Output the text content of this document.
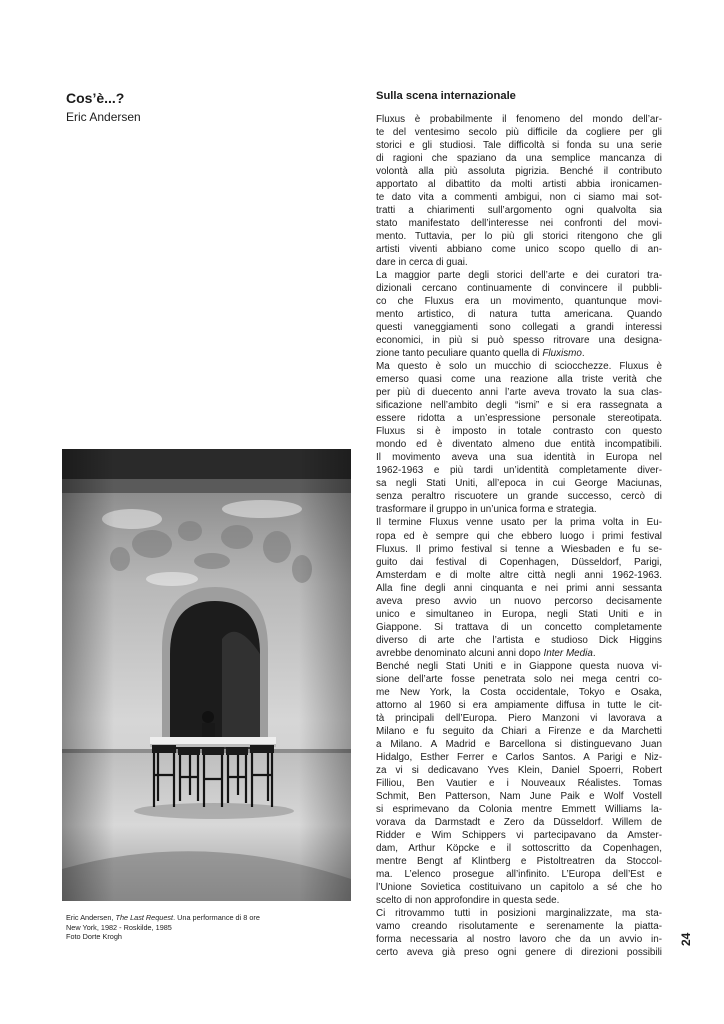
Cos’è...?

Eric Andersen

Eric Andersen, The Last Request. Una performance di 8 ore
New York, 1982 - Roskilde, 1985
Foto Dorte Krogh

Sulla scena internazionale
Fluxus è probabilmente il fenomeno del mondo dell’ar-
te del ventesimo secolo più difficile da cogliere per gli
storici e gli studiosi. Tale difficoltà si fonda su una serie
di ragioni che spaziano da una semplice mancanza di
volontà alla più assoluta pigrizia. Benché il contributo
apportato al dibattito da molti artisti abbia ironicamen-
te dato vita a commenti ambigui, non ci siamo mai sot-
tratti a chiarimenti sull’argomento ogni qualvolta sia
stato manifestato dell’interesse nei confronti del movi-
mento. Tuttavia, per lo più gli storici ritengono che gli
artisti viventi abbiano come unico scopo quello di an-
dare in cerca di guai.
La maggior parte degli storici dell’arte e dei curatori tra-
dizionali cercano continuamente di convincere il pubbli-
co che Fluxus era un movimento, quantunque movi-
mento artistico, di natura tutta americana. Quando
questi vaneggiamenti sono collegati a grandi interessi
economici, in più si può spesso ritrovare una designa-
zione tanto peculiare quanto quella di Fluxismo.
Ma questo è solo un mucchio di sciocchezze. Fluxus è
emerso quasi come una reazione alla triste verità che
per più di duecento anni l’arte aveva trovato la sua clas-
sificazione nell’ambito degli “ismi” e si era rassegnata a
essere ridotta a un’espressione personale stereotipata.
Fluxus si è imposto in totale contrasto con questo
mondo ed è diventato almeno due entità incompatibili.
Il movimento aveva una sua identità in Europa nel
1962-1963 e più tardi un’identità completamente diver-
sa negli Stati Uniti, all’epoca in cui George Maciunas,
senza peraltro riscuotere un grande successo, cercò di
trasformare il gruppo in un’unica forma e strategia.
Il termine Fluxus venne usato per la prima volta in Eu-
ropa ed è sempre qui che ebbero luogo i primi festival
Fluxus. Il primo festival si tenne a Wiesbaden e fu se-
guito dai festival di Copenhagen, Düsseldorf, Parigi,
Amsterdam e di molte altre città negli anni 1962-1963.
Alla fine degli anni cinquanta e nei primi anni sessanta
aveva preso avvio un nuovo percorso decisamente
unico e simultaneo in Europa, negli Stati Uniti e in
Giappone. Si trattava di un concetto completamente
diverso di arte che l’artista e studioso Dick Higgins
avrebbe denominato alcuni anni dopo Inter Media.
Benché negli Stati Uniti e in Giappone questa nuova vi-
sione dell’arte fosse penetrata solo nei mega centri co-
me New York, la Costa occidentale, Tokyo e Osaka,
attorno al 1960 si era ampiamente diffusa in tutte le cit-
tà principali dell’Europa. Piero Manzoni vi lavorava a
Milano e fu seguito da Chiari a Firenze e da Marchetti
a Milano. A Madrid e Barcellona si distinguevano Juan
Hidalgo, Esther Ferrer e Carlos Santos. A Parigi e Niz-
za vi si dedicavano Yves Klein, Daniel Spoerri, Robert
Filliou, Ben Vautier e i Nouveaux Réalistes. Tomas
Schmit, Ben Patterson, Nam June Paik e Wolf Vostell
si esprimevano da Colonia mentre Emmett Williams la-
vorava da Darmstadt e Zero da Düsseldorf. Willem de
Ridder e Wim Schippers vi partecipavano da Amster-
dam, Arthur Köpcke e il sottoscritto da Copenhagen,
mentre Bengt af Klintberg e Pistoltreatren da Stoccol-
ma. L’elenco prosegue all’infinito. L’Europa dell’Est e
l’Unione Sovietica costituivano un capitolo a sé che ho
scelto di non approfondire in questa sede.
Ci ritrovammo tutti in posizioni marginalizzate, ma sta-
vamo creando risolutamente e serenamente la piatta-
forma necessaria al nostro lavoro che da un avvio in-
certo aveva già preso ogni genere di direzioni possibili

24
